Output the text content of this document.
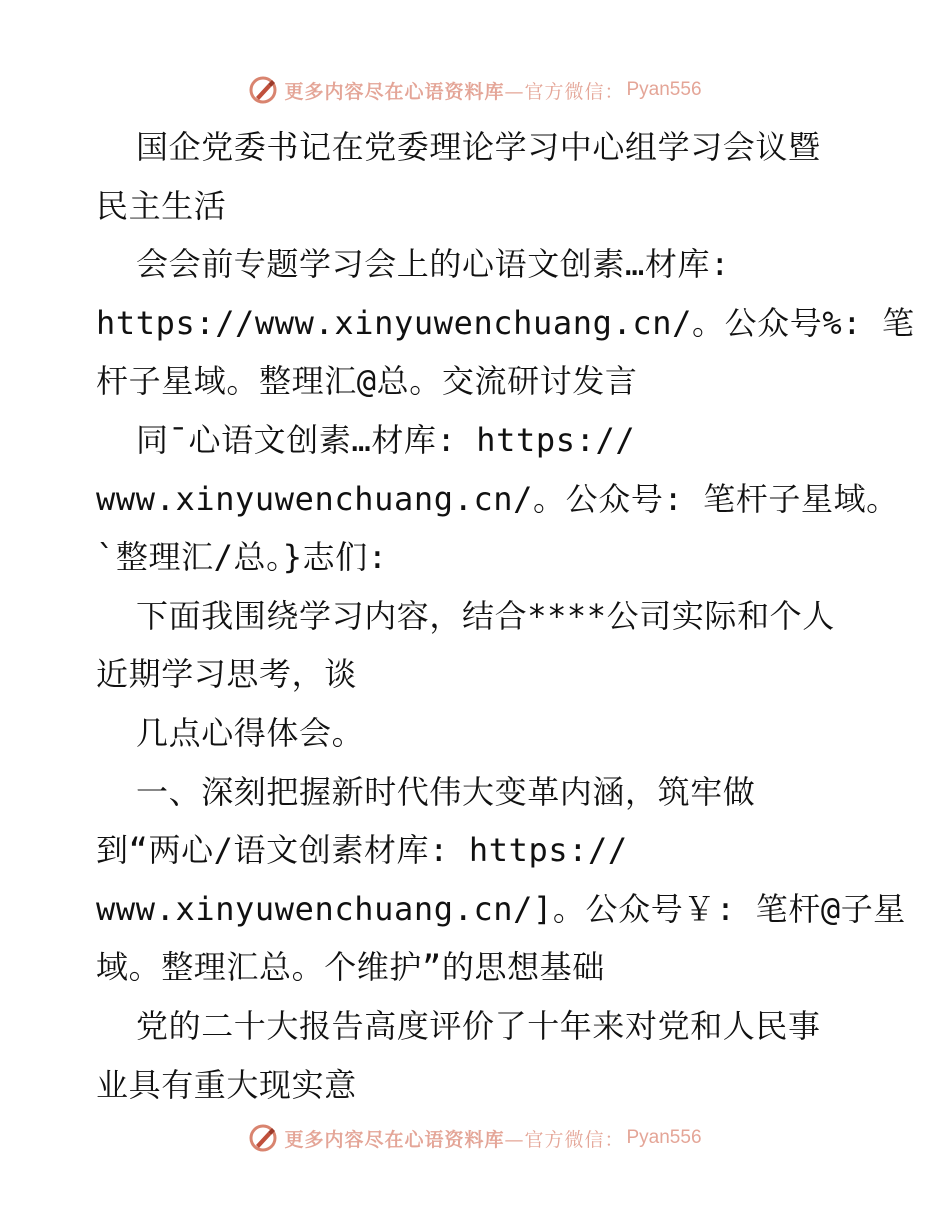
更多内容尽在心语资料库 —官方微信： Pyan556
国企党委书记在党委理论学习中心组学习会议暨
民主生活
会会前专题学习会上的心语文创素…材库:
https://www.xinyuwenchuang.cn/。公众号%: 笔
杆子星域。整理汇@总。交流研讨发言
同¯心语文创素…材库: https://
www.xinyuwenchuang.cn/。公众号: 笔杆子星域。
`整理汇/总。}志们:
下面我围绕学习内容，结合****公司实际和个人
近期学习思考，谈
几点心得体会。
一、深刻把握新时代伟大变革内涵，筑牢做
到“两心/语文创素材库: https://
www.xinyuwenchuang.cn/]。公众号￥: 笔杆@子星
域。整理汇总。个维护”的思想基础
党的二十大报告高度评价了十年来对党和人民事
业具有重大现实意
更多内容尽在心语资料库 —官方微信： Pyan556
